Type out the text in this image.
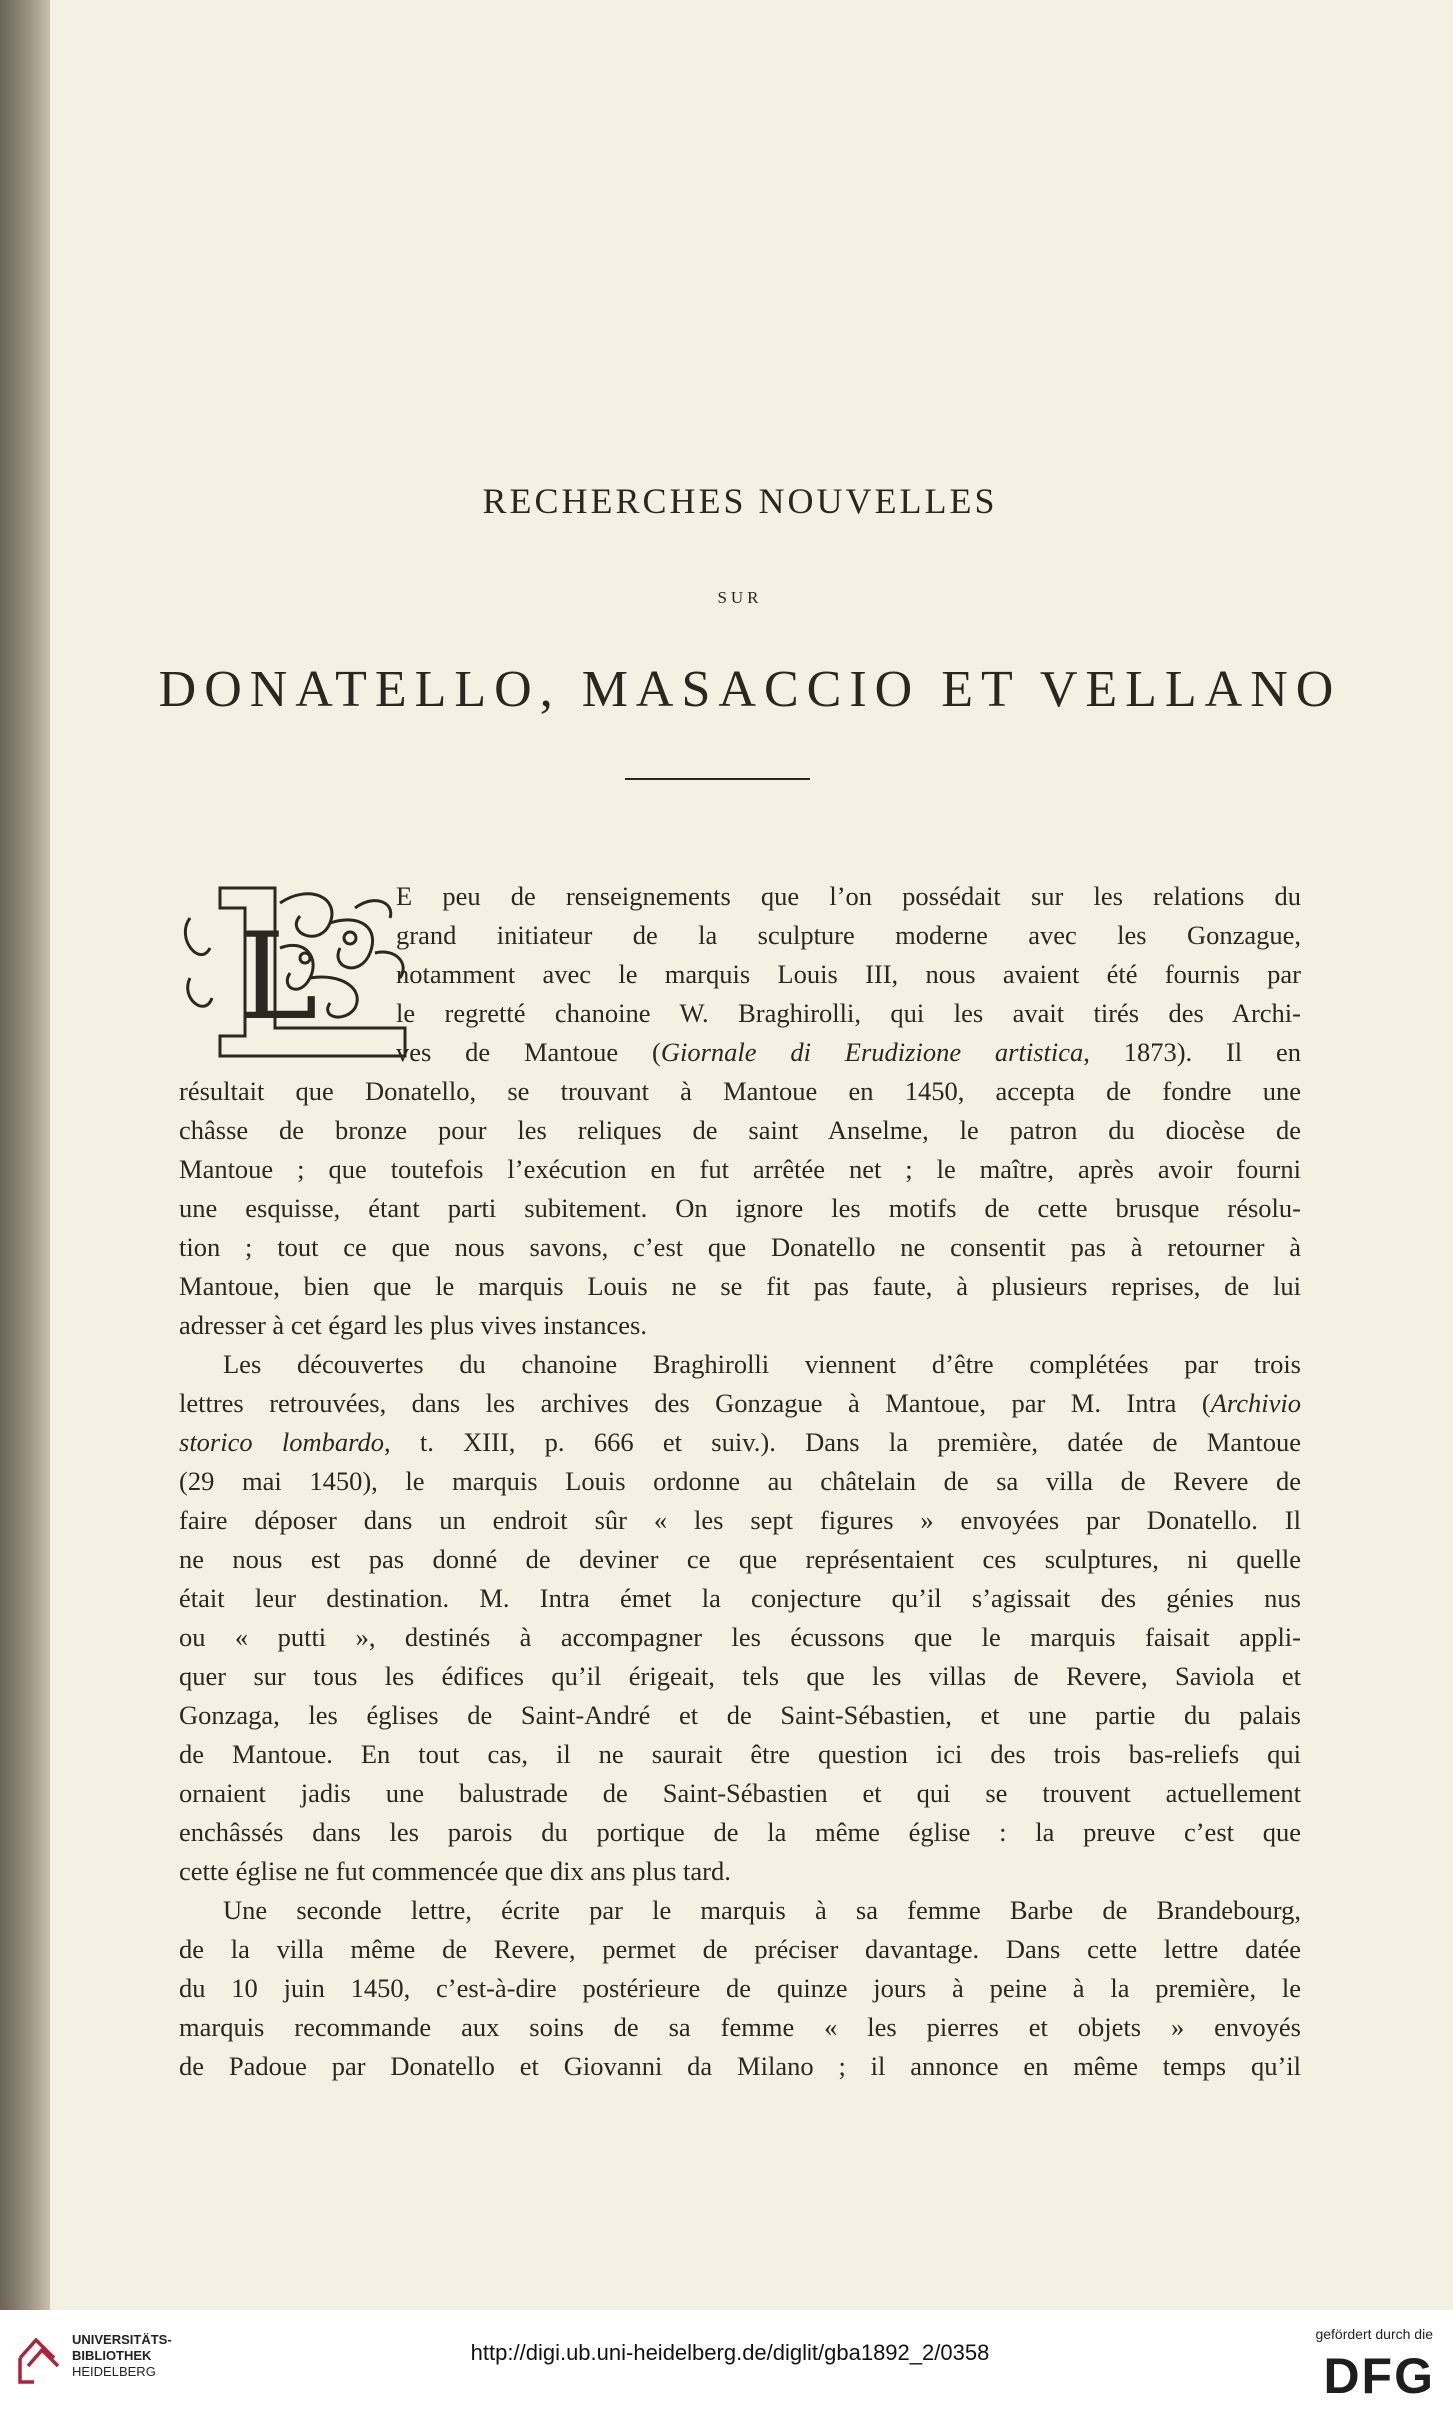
RECHERCHES NOUVELLES
SUR
DONATELLO, MASACCIO ET VELLANO
L
E peu de renseignements que l’on possédait sur les relations du
grand initiateur de la sculpture moderne avec les Gonzague,
notamment avec le marquis Louis III, nous avaient été fournis par
le regretté chanoine W. Braghirolli, qui les avait tirés des Archi-
ves de Mantoue (Giornale di Erudizione artistica, 1873). Il en
résultait que Donatello, se trouvant à Mantoue en 1450, accepta de fondre une
châsse de bronze pour les reliques de saint Anselme, le patron du diocèse de
Mantoue ; que toutefois l’exécution en fut arrêtée net ; le maître, après avoir fourni
une esquisse, étant parti subitement. On ignore les motifs de cette brusque résolu-
tion ; tout ce que nous savons, c’est que Donatello ne consentit pas à retourner à
Mantoue, bien que le marquis Louis ne se fit pas faute, à plusieurs reprises, de lui
adresser à cet égard les plus vives instances.
Les découvertes du chanoine Braghirolli viennent d’être complétées par trois
lettres retrouvées, dans les archives des Gonzague à Mantoue, par M. Intra (Archivio
storico lombardo, t. XIII, p. 666 et suiv.). Dans la première, datée de Mantoue
(29 mai 1450), le marquis Louis ordonne au châtelain de sa villa de Revere de
faire déposer dans un endroit sûr « les sept figures » envoyées par Donatello. Il
ne nous est pas donné de deviner ce que représentaient ces sculptures, ni quelle
était leur destination. M. Intra émet la conjecture qu’il s’agissait des génies nus
ou « putti », destinés à accompagner les écussons que le marquis faisait appli-
quer sur tous les édifices qu’il érigeait, tels que les villas de Revere, Saviola et
Gonzaga, les églises de Saint-André et de Saint-Sébastien, et une partie du palais
de Mantoue. En tout cas, il ne saurait être question ici des trois bas-reliefs qui
ornaient jadis une balustrade de Saint-Sébastien et qui se trouvent actuellement
enchâssés dans les parois du portique de la même église : la preuve c’est que
cette église ne fut commencée que dix ans plus tard.
Une seconde lettre, écrite par le marquis à sa femme Barbe de Brandebourg,
de la villa même de Revere, permet de préciser davantage. Dans cette lettre datée
du 10 juin 1450, c’est-à-dire postérieure de quinze jours à peine à la première, le
marquis recommande aux soins de sa femme « les pierres et objets » envoyés
de Padoue par Donatello et Giovanni da Milano ; il annonce en même temps qu’il
UNIVERSITÄTS-
BIBLIOTHEK
HEIDELBERG
http://digi.ub.uni-heidelberg.de/diglit/gba1892_2/0358
gefördert durch die
DFG
